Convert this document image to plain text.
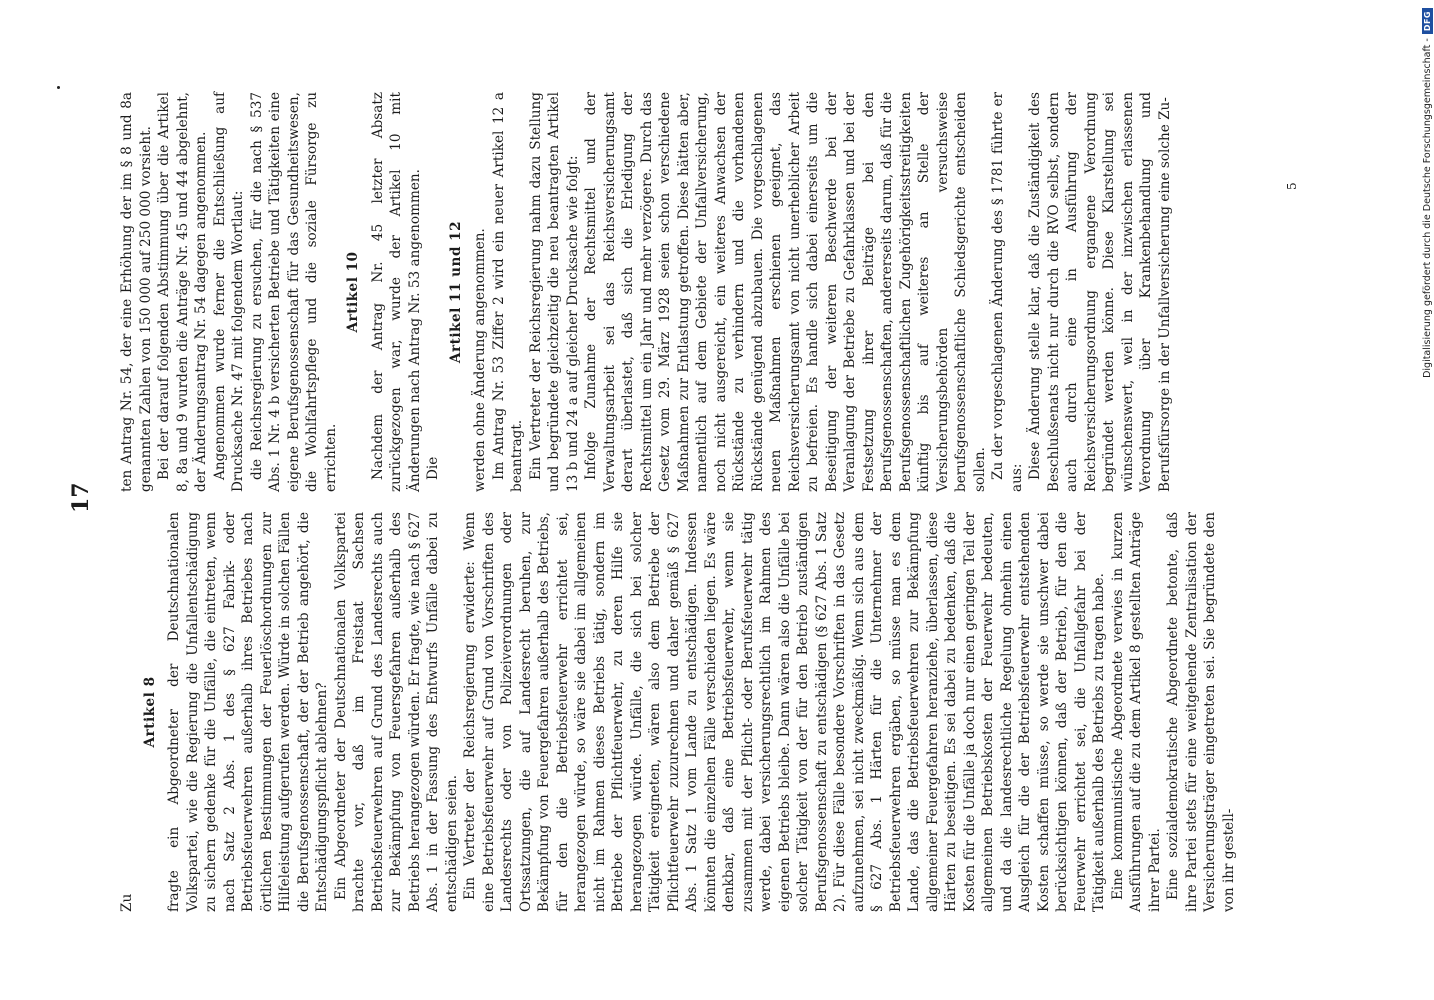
17

Zu

Artikel 8 fragte ein Abgeordneter der Deutschnationalen Volkspartei, wie die Regierung die Unfallentschädigung zu sichern gedenke für die Unfälle, die eintreten, wenn nach Satz 2 Abs. 1 des § 627 Fabrik- oder Betriebsfeuerwehren außerhalb ihres Betriebes nach örtlichen Bestimmungen der Feuerlöschordnungen zur Hilfeleistung aufgerufen werden. Würde in solchen Fällen die Berufsgenossenschaft, der der Betrieb angehört, die Entschädigungspflicht ablehnen? Ein Abgeordneter der Deutschnationalen Volkspartei brachte vor, daß im Freistaat Sachsen Betriebsfeuerwehren auf Grund des Landesrechts auch zur Bekämpfung von Feuersgefahren außerhalb des Betriebs herangezogen würden. Er fragte, wie nach § 627 Abs. 1 in der Fassung des Entwurfs Unfälle dabei zu entschädigen seien. Ein Vertreter der Reichsregierung erwiderte: Wenn eine Betriebsfeuerwehr auf Grund von Vorschriften des Landesrechts oder von Polizeiverordnungen oder Ortssatzungen, die auf Landesrecht beruhen, zur Bekämpfung von Feuergefahren außerhalb des Betriebs, für den die Betriebsfeuerwehr errichtet sei, herangezogen würde, so wäre sie dabei im allgemeinen nicht im Rahmen dieses Betriebs tätig, sondern im Betriebe der Pflichtfeuerwehr, zu deren Hilfe sie herangezogen würde. Unfälle, die sich bei solcher Tätigkeit ereigneten, wären also dem Betriebe der Pflichtfeuerwehr zuzurechnen und daher gemäß § 627 Abs. 1 Satz 1 vom Lande zu entschädigen. Indessen könnten die einzelnen Fälle verschieden liegen. Es wäre denkbar, daß eine Betriebsfeuerwehr, wenn sie zusammen mit der Pflicht- oder Berufsfeuerwehr tätig werde, dabei versicherungsrechtlich im Rahmen des eigenen Betriebs bleibe. Dann wären also die Unfälle bei solcher Tätigkeit von der für den Betrieb zuständigen Berufsgenossenschaft zu entschädigen (§ 627 Abs. 1 Satz 2). Für diese Fälle besondere Vorschriften in das Gesetz aufzunehmen, sei nicht zweckmäßig. Wenn sich aus dem § 627 Abs. 1 Härten für die Unternehmer der Betriebsfeuerwehren ergäben, so müsse man es dem Lande, das die Betriebsfeuerwehren zur Bekämpfung allgemeiner Feuergefahren heranziehe, überlassen, diese Härten zu beseitigen. Es sei dabei zu bedenken, daß die Kosten für die Unfälle ja doch nur einen geringen Teil der allgemeinen Betriebskosten der Feuerwehr bedeuten, und da die landesrechtliche Regelung ohnehin einen Ausgleich für die der Betriebsfeuerwehr entstehenden Kosten schaffen müsse, so werde sie unschwer dabei berücksichtigen können, daß der Betrieb, für den die Feuerwehr errichtet sei, die Unfallgefahr bei der Tätigkeit außerhalb des Betriebs zu tragen habe. Eine kommunistische Abgeordnete verwies in kurzen Ausführungen auf die zu dem Artikel 8 gestellten Anträge ihrer Partei. Eine sozialdemokratische Abgeordnete betonte, daß ihre Partei stets für eine weitgehende Zentralisation der Versicherungsträger eingetreten sei. Sie begründete den von ihr gestell-

ten Antrag Nr. 54, der eine Erhöhung der im § 8 und 8a genannten Zahlen von 150 000 auf 250 000 vorsieht. Bei der darauf folgenden Abstimmung über die Artikel 8, 8a und 9 wurden die Anträge Nr. 45 und 44 abgelehnt, der Änderungsantrag Nr. 54 dagegen angenommen. Angenommen wurde ferner die Entschließung auf Drucksache Nr. 47 mit folgendem Wortlaut: die Reichsregierung zu ersuchen, für die nach § 537 Abs. 1 Nr. 4 b versicherten Betriebe und Tätigkeiten eine eigene Berufsgenossenschaft für das Gesundheitswesen, die Wohlfahrtspflege und die soziale Fürsorge zu errichten.

Artikel 10 Nachdem der Antrag Nr. 45 letzter Absatz zurückgezogen war, wurde der Artikel 10 mit Änderungen nach Antrag Nr. 53 angenommen. Die

Artikel 11 und 12 werden ohne Änderung angenommen. Im Antrag Nr. 53 Ziffer 2 wird ein neuer Artikel 12 a beantragt. Ein Vertreter der Reichsregierung nahm dazu Stellung und begründete gleichzeitig die neu beantragten Artikel 13 b und 24 a auf gleicher Drucksache wie folgt: Infolge Zunahme der Rechtsmittel und der Verwaltungsarbeit sei das Reichsversicherungsamt derart überlastet, daß sich die Erledigung der Rechtsmittel um ein Jahr und mehr verzögere. Durch das Gesetz vom 29. März 1928 seien schon verschiedene Maßnahmen zur Entlastung getroffen. Diese hätten aber, namentlich auf dem Gebiete der Unfallversicherung, noch nicht ausgereicht, ein weiteres Anwachsen der Rückstände zu verhindern und die vorhandenen Rückstände genügend abzubauen. Die vorgeschlagenen neuen Maßnahmen erschienen geeignet, das Reichsversicherungsamt von nicht unerheblicher Arbeit zu befreien. Es handle sich dabei einerseits um die Beseitigung der weiteren Beschwerde bei der Veranlagung der Betriebe zu Gefahrklassen und bei der Festsetzung ihrer Beiträge bei den Berufsgenossenschaften, andererseits darum, daß für die Berufsgenossenschaftlichen Zugehörigkeitsstreitigkeiten künftig bis auf weiteres an Stelle der Versicherungsbehörden versuchsweise berufsgenossenschaftliche Schiedsgerichte entscheiden sollen. Zu der vorgeschlagenen Änderung des § 1781 führte er aus: Diese Änderung stelle klar, daß die Zuständigkeit des Beschlußsenats nicht nur durch die RVO selbst, sondern auch durch eine in Ausführung der Reichsversicherungsordnung ergangene Verordnung begründet werden könne. Diese Klarstellung sei wünschenswert, weil in der inzwischen erlassenen Verordnung über Krankenbehandlung und Berufsfürsorge in der Unfallversicherung eine solche Zu-	5	Digitalisierung gefördert durch die Deutsche Forschungsgemeinschaft -
DFG
